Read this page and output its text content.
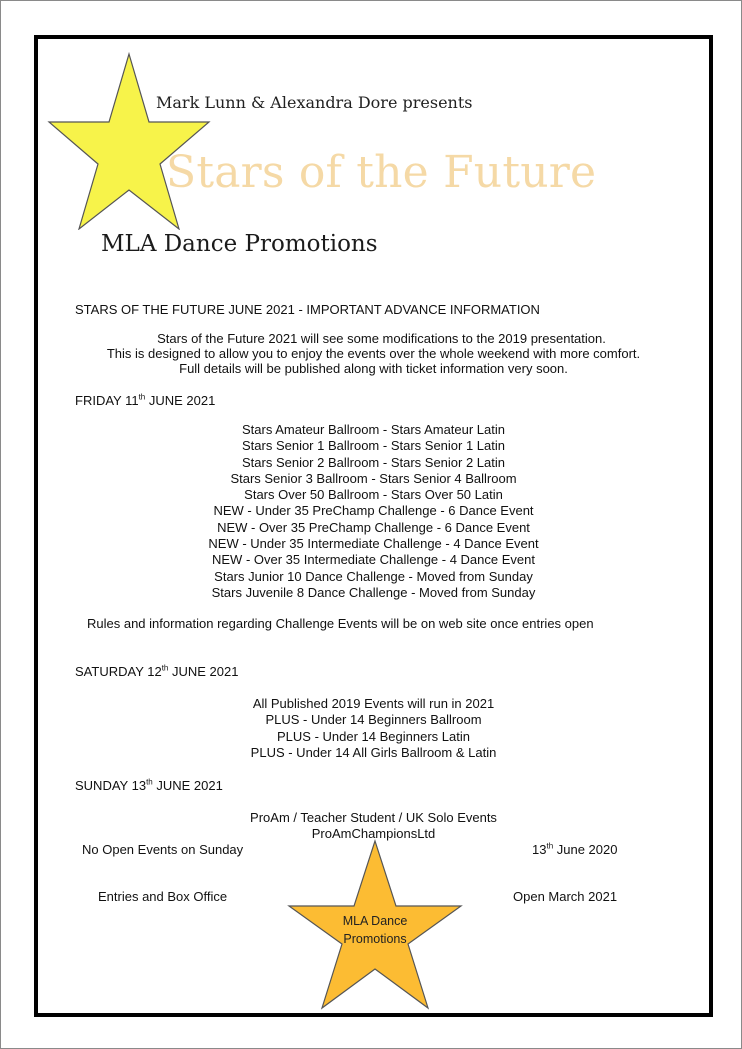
Mark Lunn & Alexandra Dore presents
Stars of the Future
MLA Dance Promotions
STARS OF THE FUTURE JUNE 2021 - IMPORTANT ADVANCE INFORMATION
Stars of the Future 2021 will see some modifications to the 2019 presentation.
This is designed to allow you to enjoy the events over the whole weekend with more comfort.
Full details will be published along with ticket information very soon.
FRIDAY 11th JUNE 2021
Stars Amateur Ballroom - Stars Amateur Latin
Stars Senior 1 Ballroom - Stars Senior 1 Latin
Stars Senior 2 Ballroom - Stars Senior 2 Latin
Stars Senior 3 Ballroom - Stars Senior 4 Ballroom
Stars Over 50 Ballroom - Stars Over 50 Latin
NEW - Under 35 PreChamp Challenge - 6 Dance Event
NEW - Over 35 PreChamp Challenge - 6 Dance Event
NEW - Under 35 Intermediate Challenge - 4 Dance Event
NEW - Over 35 Intermediate Challenge - 4 Dance Event
Stars Junior 10 Dance Challenge - Moved from Sunday
Stars Juvenile 8 Dance Challenge - Moved from Sunday
Rules and information regarding Challenge Events will be on web site once entries open
SATURDAY 12th JUNE 2021
All Published 2019 Events will run in 2021
PLUS - Under 14 Beginners Ballroom
PLUS - Under 14 Beginners Latin
PLUS - Under 14 All Girls Ballroom & Latin
SUNDAY 13th JUNE 2021
ProAm / Teacher Student / UK Solo Events
ProAmChampionsLtd
No Open Events on Sunday	13th June 2020
Entries and Box Office	Open March 2021
MLA Dance
Promotions
